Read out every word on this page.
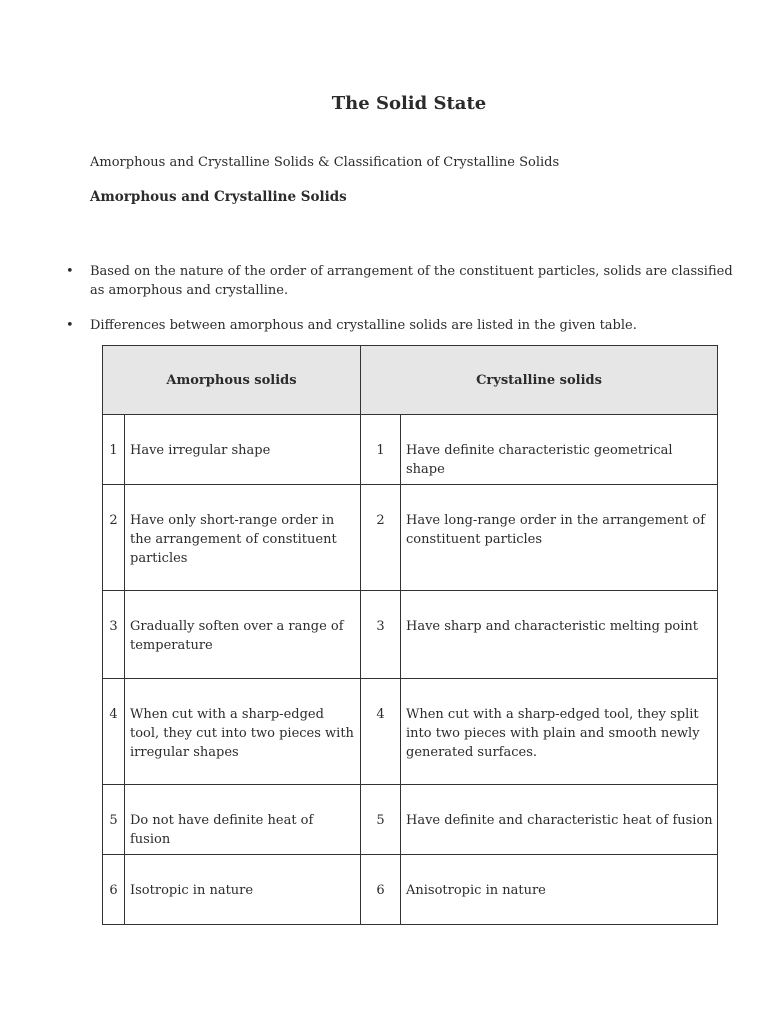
The Solid State

Amorphous and Crystalline Solids & Classification of Crystalline Solids

Amorphous and Crystalline Solids

• Based on the nature of the order of arrangement of the constituent particles, solids are classified as amorphous and crystalline.
• Differences between amorphous and crystalline solids are listed in the given table.
Amorphous solids		Crystalline solids	
1	Have irregular shape	1	Have definite characteristic geometrical shape
2	Have only short-range order in the arrangement of constituent particles	2	Have long-range order in the arrangement of constituent particles
3	Gradually soften over a range of temperature	3	Have sharp and characteristic melting point
4	When cut with a sharp-edged tool, they cut into two pieces with irregular shapes	4	When cut with a sharp-edged tool, they split into two pieces with plain and smooth newly generated surfaces.
5	Do not have definite heat of fusion	5	Have definite and characteristic heat of fusion
6	Isotropic in nature	6	Anisotropic in nature
